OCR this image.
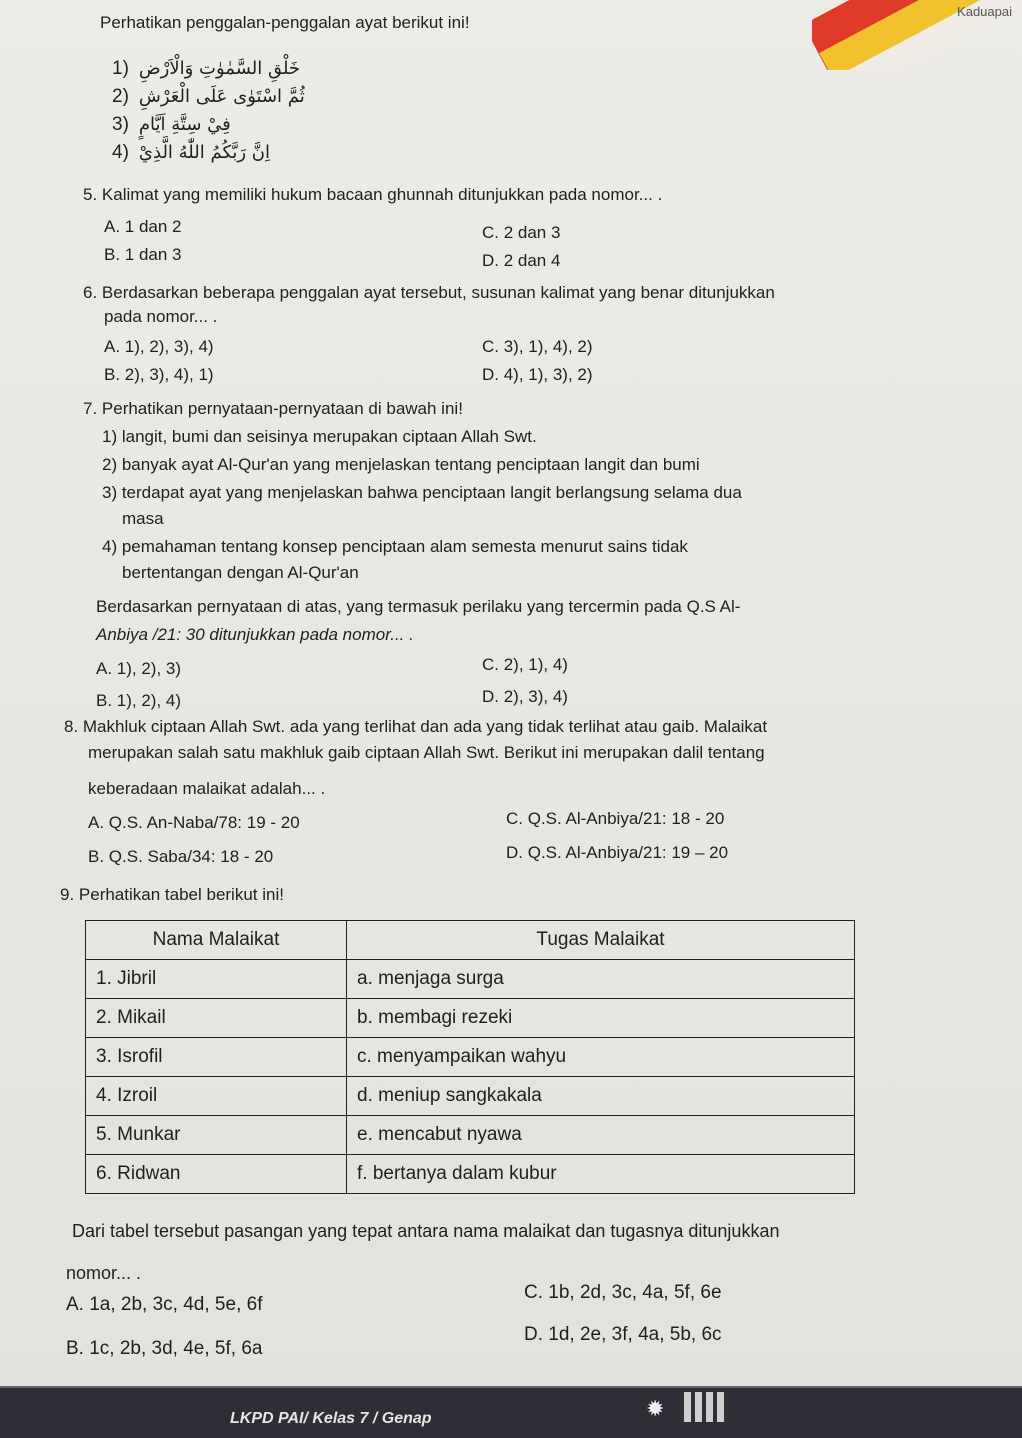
Kaduapai
Perhatikan penggalan-penggalan ayat berikut ini!
1) خَلْقِ السَّمٰوٰتِ وَالْاَرْضِ
2) ثُمَّ اسْتَوٰى عَلَى الْعَرْشِ
3) فِيْ سِتَّةِ اَيَّامٍ
4) اِنَّ رَبَّكُمُ اللّٰهُ الَّذِيْ
5. Kalimat yang memiliki hukum bacaan ghunnah ditunjukkan pada nomor... .
A. 1 dan 2	C. 2 dan 3
B. 1 dan 3	D. 2 dan 4
6. Berdasarkan beberapa penggalan ayat tersebut, susunan kalimat yang benar ditunjukkan
pada nomor... .
A. 1), 2), 3), 4)	C. 3), 1), 4), 2)
B. 2), 3), 4), 1)	D. 4), 1), 3), 2)
7. Perhatikan pernyataan-pernyataan di bawah ini!
1) langit, bumi dan seisinya merupakan ciptaan Allah Swt.
2) banyak ayat Al-Qur'an yang menjelaskan tentang penciptaan langit dan bumi
3) terdapat ayat yang menjelaskan bahwa penciptaan langit berlangsung selama dua
masa
4) pemahaman tentang konsep penciptaan alam semesta menurut sains tidak
bertentangan dengan Al-Qur'an
Berdasarkan pernyataan di atas, yang termasuk perilaku yang tercermin pada Q.S Al-
Anbiya /21: 30 ditunjukkan pada nomor... .
A. 1), 2), 3)	C. 2), 1), 4)
B. 1), 2), 4)	D. 2), 3), 4)
8. Makhluk ciptaan Allah Swt. ada yang terlihat dan ada yang tidak terlihat atau gaib. Malaikat
merupakan salah satu makhluk gaib ciptaan Allah Swt. Berikut ini merupakan dalil tentang
keberadaan malaikat adalah... .
A. Q.S. An-Naba/78: 19 - 20	C. Q.S. Al-Anbiya/21: 18 - 20
B. Q.S. Saba/34: 18 - 20	D. Q.S. Al-Anbiya/21: 19 – 20
9. Perhatikan tabel berikut ini!
Nama Malaikat	Tugas Malaikat
1. Jibril	a. menjaga surga
2. Mikail	b. membagi rezeki
3. Isrofil	c. menyampaikan wahyu
4. Izroil	d. meniup sangkakala
5. Munkar	e. mencabut nyawa
6. Ridwan	f. bertanya dalam kubur
Dari tabel tersebut pasangan yang tepat antara nama malaikat dan tugasnya ditunjukkan
nomor... .
A. 1a, 2b, 3c, 4d, 5e, 6f
C. 1b, 2d, 3c, 4a, 5f, 6e
B. 1c, 2b, 3d, 4e, 5f, 6a
D. 1d, 2e, 3f, 4a, 5b, 6c
LKPD PAI/ Kelas 7 / Genap	✹
